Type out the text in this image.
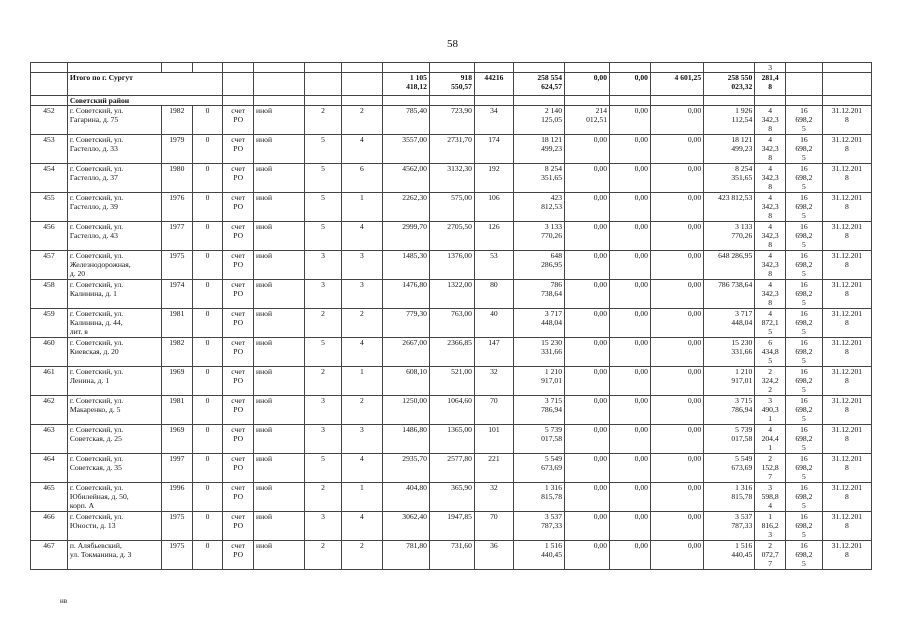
58
																3		
	Итого по г. Сургут							1 105
418,12	918
550,57	44216	258 554
624,57	0,00	0,00	4 601,25	258 550
023,32	281,4
8		
	Советский район																	
452	г. Советский, ул.
Гагарина, д. 75	1982	0	счет
РО	иной	2	2	785,40	723,90	34	2 140
125,05	214
012,51	0,00	0,00	1 926
112,54	4
342,3
8	16
698,2
5	31.12.201
8
453	г. Советский, ул.
Гастелло, д. 33	1979	0	счет
РО	иной	5	4	3557,00	2731,70	174	18 121
499,23	0,00	0,00	0,00	18 121
499,23	4
342,3
8	16
698,2
5	31.12.201
8
454	г. Советский, ул.
Гастелло, д. 37	1980	0	счет
РО	иной	5	6	4562,00	3132,30	192	8 254
351,65	0,00	0,00	0,00	8 254
351,65	4
342,3
8	16
698,2
5	31.12.201
8
455	г. Советский, ул.
Гастелло, д. 39	1976	0	счет
РО	иной	5	1	2262,30	575,00	106	423
812,53	0,00	0,00	0,00	423 812,53	4
342,3
8	16
698,2
5	31.12.201
8
456	г. Советский, ул.
Гастелло, д. 43	1977	0	счет
РО	иной	5	4	2999,70	2705,50	126	3 133
770,26	0,00	0,00	0,00	3 133
770,26	4
342,3
8	16
698,2
5	31.12.201
8
457	г. Советский, ул.
Железнодорожная,
д. 20	1975	0	счет
РО	иной	3	3	1485,30	1376,00	53	648
286,95	0,00	0,00	0,00	648 286,95	4
342,3
8	16
698,2
5	31.12.201
8
458	г. Советский, ул.
Калинина, д. 1	1974	0	счет
РО	иной	3	3	1476,80	1322,00	80	786
738,64	0,00	0,00	0,00	786 738,64	4
342,3
8	16
698,2
5	31.12.201
8
459	г. Советский, ул.
Калинина, д. 44,
лит. в	1981	0	счет
РО	иной	2	2	779,30	763,00	40	3 717
448,04	0,00	0,00	0,00	3 717
448,04	4
872,1
5	16
698,2
5	31.12.201
8
460	г. Советский, ул.
Киевская, д. 20	1982	0	счет
РО	иной	5	4	2667,00	2366,85	147	15 230
331,66	0,00	0,00	0,00	15 230
331,66	6
434,8
5	16
698,2
5	31.12.201
8
461	г. Советский, ул.
Ленина, д. 1	1969	0	счет
РО	иной	2	1	608,10	521,00	32	1 210
917,01	0,00	0,00	0,00	1 210
917,01	2
324,2
2	16
698,2
5	31.12.201
8
462	г. Советский, ул.
Макаренко, д. 5	1981	0	счет
РО	иной	3	2	1250,00	1064,60	70	3 715
786,94	0,00	0,00	0,00	3 715
786,94	3
490,3
1	16
698,2
5	31.12.201
8
463	г. Советский, ул.
Советская, д. 25	1969	0	счет
РО	иной	3	3	1486,80	1365,00	101	5 739
017,58	0,00	0,00	0,00	5 739
017,58	4
204,4
1	16
698,2
5	31.12.201
8
464	г. Советский, ул.
Советская, д. 35	1997	0	счет
РО	иной	5	4	2935,70	2577,80	221	5 549
673,69	0,00	0,00	0,00	5 549
673,69	2
152,8
7	16
698,2
5	31.12.201
8
465	г. Советский, ул.
Юбилейная, д. 50,
корп. А	1996	0	счет
РО	иной	2	1	404,80	365,90	32	1 316
815,78	0,00	0,00	0,00	1 316
815,78	3
598,8
4	16
698,2
5	31.12.201
8
466	г. Советский, ул.
Юности, д. 13	1975	0	счет
РО	иной	3	4	3062,40	1947,85	70	3 537
787,33	0,00	0,00	0,00	3 537
787,33	1
816,2
3	16
698,2
5	31.12.201
8
467	п. Алябьевский,
ул. Токманина, д. 3	1975	0	счет
РО	иной	2	2	781,80	731,60	36	1 516
440,45	0,00	0,00	0,00	1 516
440,45	2
072,7
7	16
698,2
5	31.12.201
8
нв
